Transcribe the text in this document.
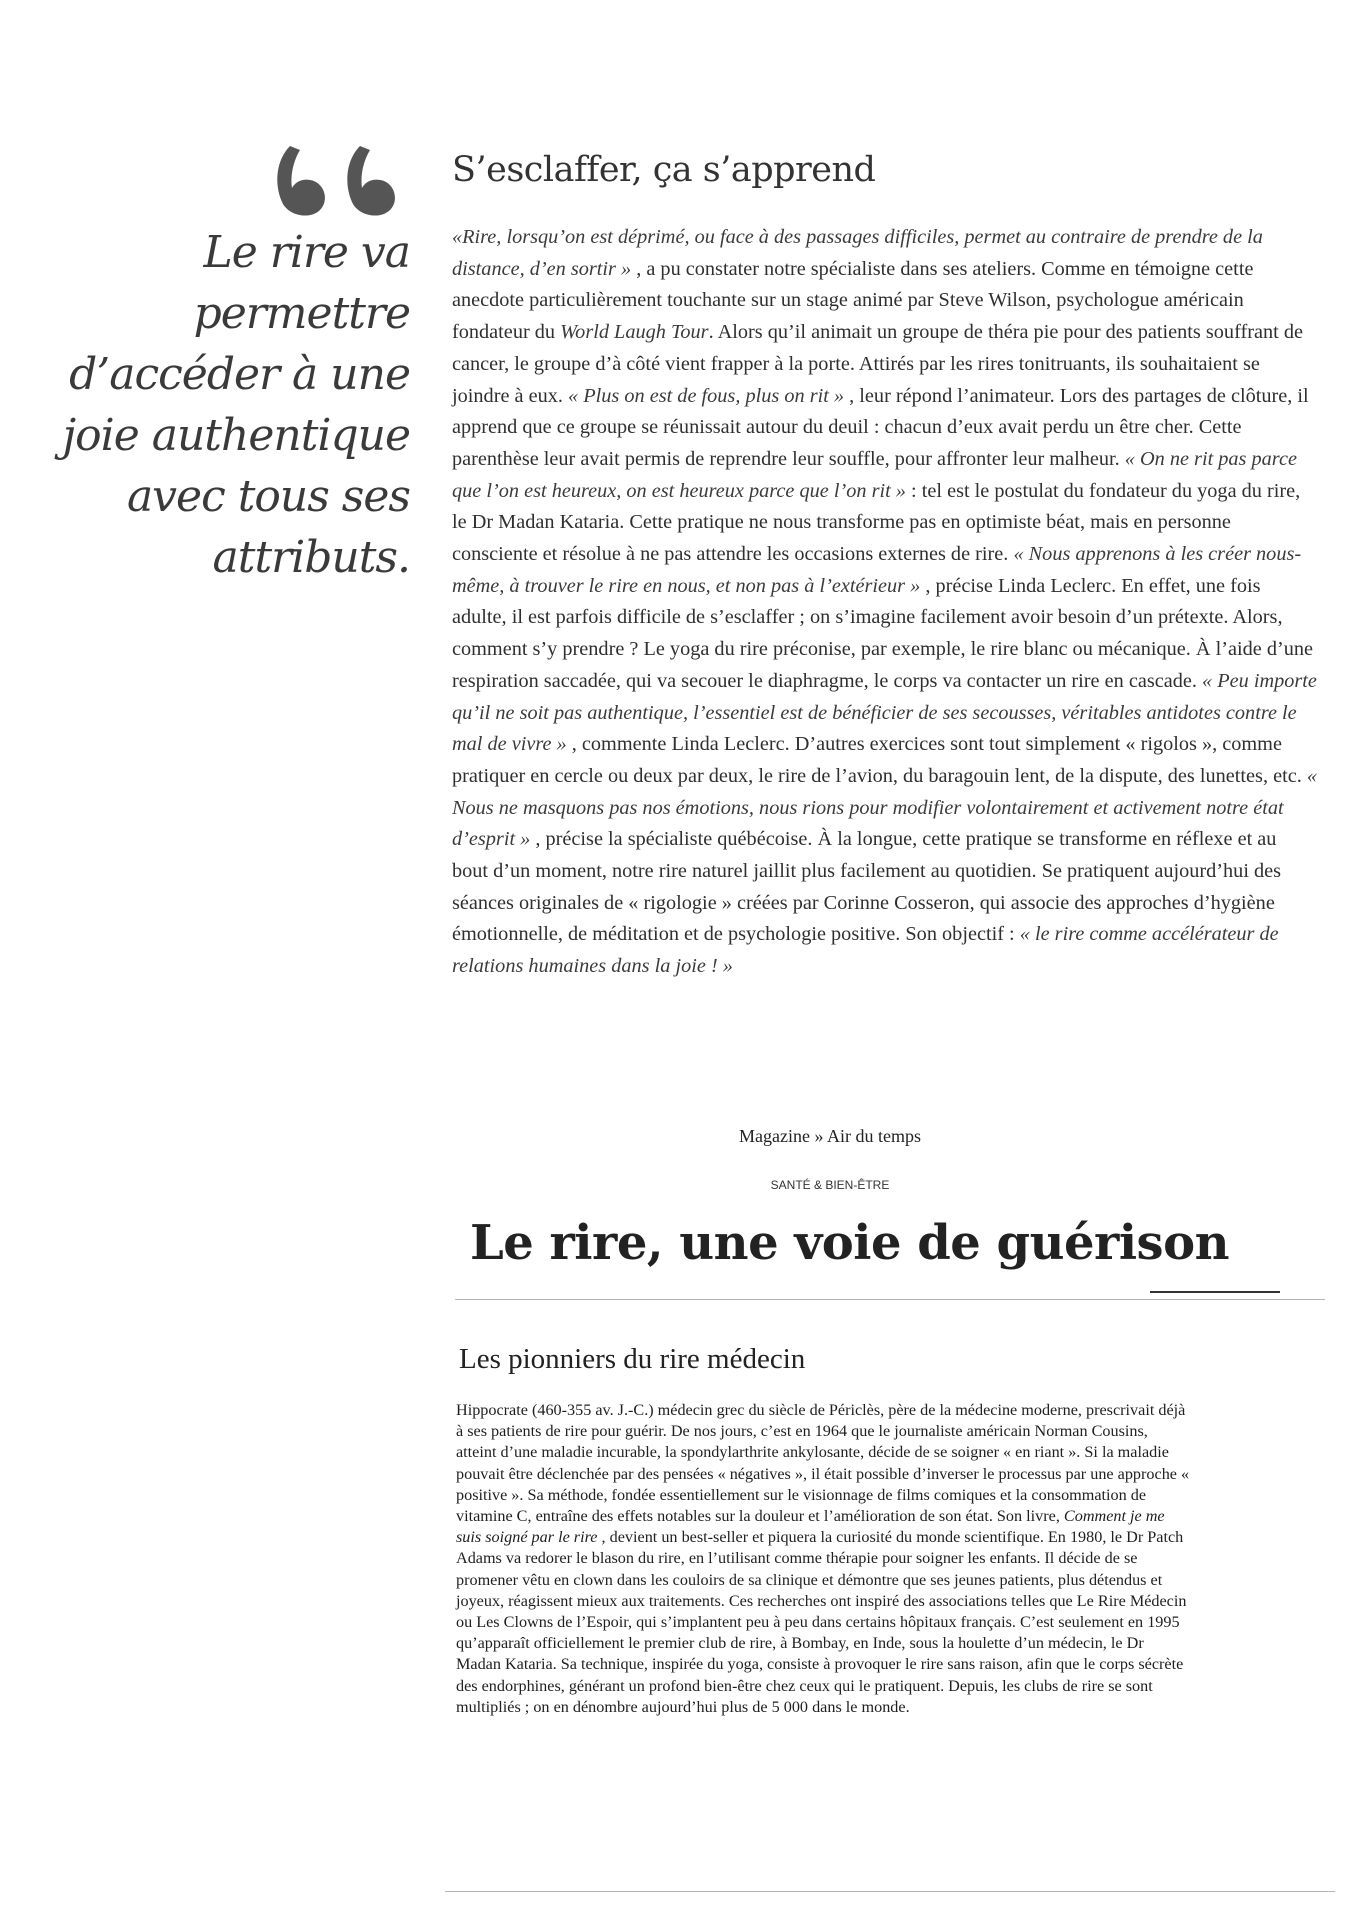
Le rire va
permettre
d’accéder à une
joie authentique
avec tous ses
attributs.
S’esclaffer, ça s’apprend

«Rire, lorsqu’on est déprimé, ou face à des passages difficiles, permet au contraire de prendre de la distance, d’en sortir » , a pu constater notre spécialiste dans ses ateliers. Comme en témoigne cette anecdote particulièrement touchante sur un stage animé par Steve Wilson, psychologue américain fondateur du World Laugh Tour. Alors qu’il animait un groupe de théra pie pour des patients souffrant de cancer, le groupe d’à côté vient frapper à la porte. Attirés par les rires tonitruants, ils souhaitaient se joindre à eux. « Plus on est de fous, plus on rit » , leur répond l’animateur. Lors des partages de clôture, il apprend que ce groupe se réunissait autour du deuil : chacun d’eux avait perdu un être cher. Cette parenthèse leur avait permis de reprendre leur souffle, pour affronter leur malheur. « On ne rit pas parce que l’on est heureux, on est heureux parce que l’on rit » : tel est le postulat du fondateur du yoga du rire, le Dr Madan Kataria. Cette pratique ne nous transforme pas en optimiste béat, mais en personne consciente et résolue à ne pas attendre les occasions externes de rire. « Nous apprenons à les créer nous-même, à trouver le rire en nous, et non pas à l’extérieur » , précise Linda Leclerc. En effet, une fois adulte, il est parfois difficile de s’esclaffer ; on s’imagine facilement avoir besoin d’un prétexte. Alors, comment s’y prendre ? Le yoga du rire préconise, par exemple, le rire blanc ou mécanique. À l’aide d’une respiration saccadée, qui va secouer le diaphragme, le corps va contacter un rire en cascade. « Peu importe qu’il ne soit pas authentique, l’essentiel est de bénéficier de ses secousses, véritables antidotes contre le mal de vivre » , commente Linda Leclerc. D’autres exercices sont tout simplement « rigolos », comme pratiquer en cercle ou deux par deux, le rire de l’avion, du baragouin lent, de la dispute, des lunettes, etc. « Nous ne masquons pas nos émotions, nous rions pour modifier volontairement et activement notre état d’esprit » , précise la spécialiste québécoise. À la longue, cette pratique se transforme en réflexe et au bout d’un moment, notre rire naturel jaillit plus facilement au quotidien. Se pratiquent aujourd’hui des séances originales de « rigologie » créées par Corinne Cosseron, qui associe des approches d’hygiène émotionnelle, de méditation et de psychologie positive. Son objectif : « le rire comme accélérateur de relations humaines dans la joie ! »

Magazine » Air du temps

SANTÉ & BIEN-ÊTRE

Le rire, une voie de guérison
Les pionniers du rire médecin

Hippocrate (460-355 av. J.-C.) médecin grec du siècle de Périclès, père de la médecine moderne, prescrivait déjà à ses patients de rire pour guérir. De nos jours, c’est en 1964 que le journaliste américain Norman Cousins, atteint d’une maladie incurable, la spondylarthrite ankylosante, décide de se soigner « en riant ». Si la maladie pouvait être déclenchée par des pensées « négatives », il était possible d’inverser le processus par une approche « positive ». Sa méthode, fondée essentiellement sur le visionnage de films comiques et la consommation de vitamine C, entraîne des effets notables sur la douleur et l’amélioration de son état. Son livre, Comment je me suis soigné par le rire , devient un best-seller et piquera la curiosité du monde scientifique. En 1980, le Dr Patch Adams va redorer le blason du rire, en l’utilisant comme thérapie pour soigner les enfants. Il décide de se promener vêtu en clown dans les couloirs de sa clinique et démontre que ses jeunes patients, plus détendus et joyeux, réagissent mieux aux traitements. Ces recherches ont inspiré des associations telles que Le Rire Médecin ou Les Clowns de l’Espoir, qui s’implantent peu à peu dans certains hôpitaux français. C’est seulement en 1995 qu’apparaît officiellement le premier club de rire, à Bombay, en Inde, sous la houlette d’un médecin, le Dr Madan Kataria. Sa technique, inspirée du yoga, consiste à provoquer le rire sans raison, afin que le corps sécrète des endorphines, générant un profond bien-être chez ceux qui le pratiquent. Depuis, les clubs de rire se sont multipliés ; on en dénombre aujourd’hui plus de 5 000 dans le monde.
